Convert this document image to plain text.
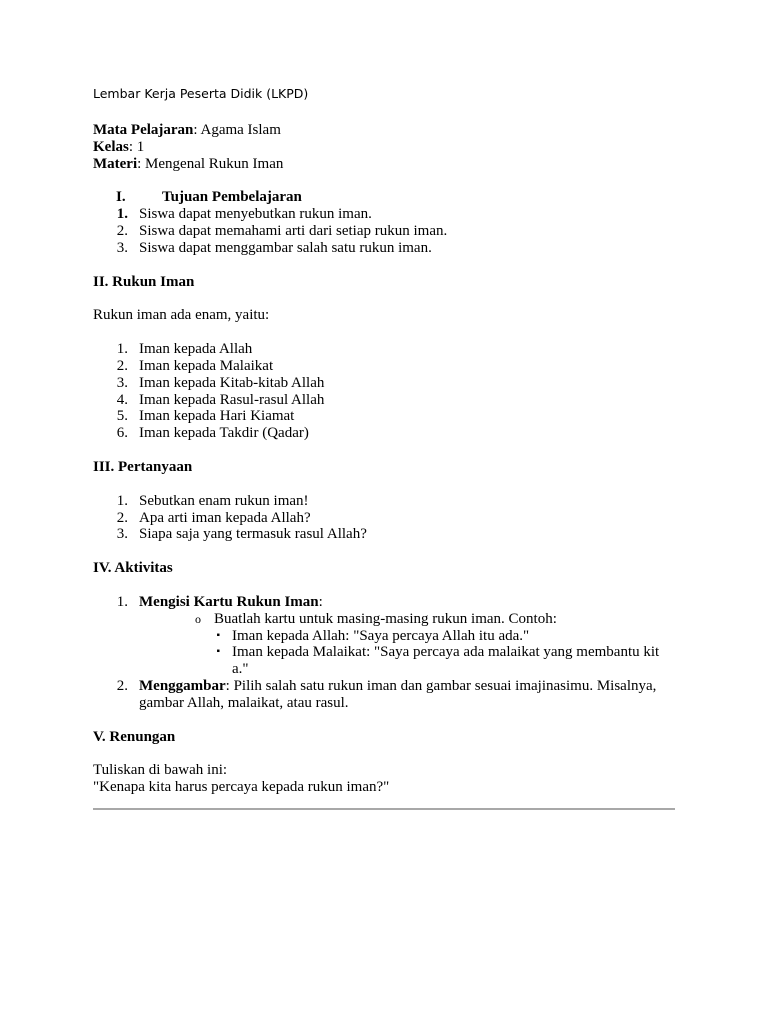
Lembar Kerja Peserta Didik (LKPD)
Mata Pelajaran: Agama Islam
Kelas: 1
Materi: Mengenal Rukun Iman
I.	Tujuan Pembelajaran
1. Siswa dapat menyebutkan rukun iman.
2. Siswa dapat memahami arti dari setiap rukun iman.
3. Siswa dapat menggambar salah satu rukun iman.
II. Rukun Iman
Rukun iman ada enam, yaitu:
1. Iman kepada Allah
2. Iman kepada Malaikat
3. Iman kepada Kitab-kitab Allah
4. Iman kepada Rasul-rasul Allah
5. Iman kepada Hari Kiamat
6. Iman kepada Takdir (Qadar)
III. Pertanyaan
1. Sebutkan enam rukun iman!
2. Apa arti iman kepada Allah?
3. Siapa saja yang termasuk rasul Allah?
IV. Aktivitas
1. Mengisi Kartu Rukun Iman:
o Buatlah kartu untuk masing-masing rukun iman. Contoh:
▪ Iman kepada Allah: "Saya percaya Allah itu ada."
▪ Iman kepada Malaikat: "Saya percaya ada malaikat yang membantu kit a."
2. Menggambar: Pilih salah satu rukun iman dan gambar sesuai imajinasimu. Misalnya, gambar Allah, malaikat, atau rasul.
V. Renungan
Tuliskan di bawah ini:
"Kenapa kita harus percaya kepada rukun iman?"
